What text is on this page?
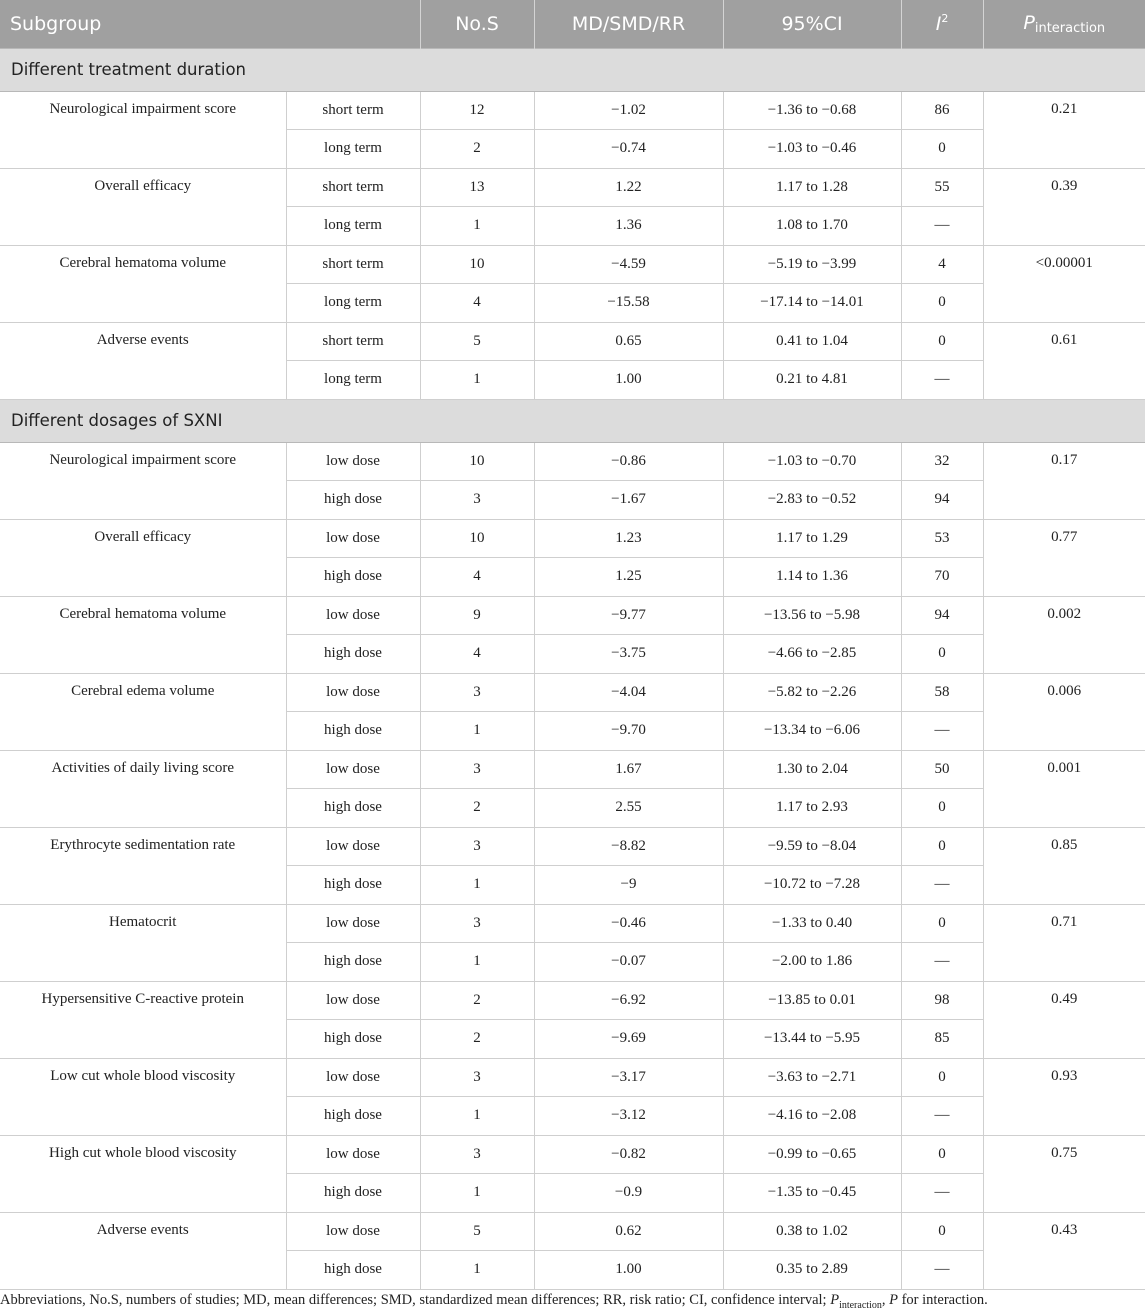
Subgroup		No.S	MD/SMD/RR	95%CI	$I^2$	$P_{interaction}$
Different treatment duration						
Neurological impairment score	short term	12	−1.02	−1.36 to −0.68	86	0.21
	long term	2	−0.74	−1.03 to −0.46	0	
Overall efficacy	short term	13	1.22	1.17 to 1.28	55	0.39
	long term	1	1.36	1.08 to 1.70	—	
Cerebral hematoma volume	short term	10	−4.59	−5.19 to −3.99	4	<0.00001
	long term	4	−15.58	−17.14 to −14.01	0	
Adverse events	short term	5	0.65	0.41 to 1.04	0	0.61
	long term	1	1.00	0.21 to 4.81	—	
Different dosages of SXNI						
Neurological impairment score	low dose	10	−0.86	−1.03 to −0.70	32	0.17
	high dose	3	−1.67	−2.83 to −0.52	94	
Overall efficacy	low dose	10	1.23	1.17 to 1.29	53	0.77
	high dose	4	1.25	1.14 to 1.36	70	
Cerebral hematoma volume	low dose	9	−9.77	−13.56 to −5.98	94	0.002
	high dose	4	−3.75	−4.66 to −2.85	0	
Cerebral edema volume	low dose	3	−4.04	−5.82 to −2.26	58	0.006
	high dose	1	−9.70	−13.34 to −6.06	—	
Activities of daily living score	low dose	3	1.67	1.30 to 2.04	50	0.001
	high dose	2	2.55	1.17 to 2.93	0	
Erythrocyte sedimentation rate	low dose	3	−8.82	−9.59 to −8.04	0	0.85
	high dose	1	−9	−10.72 to −7.28	—	
Hematocrit	low dose	3	−0.46	−1.33 to 0.40	0	0.71
	high dose	1	−0.07	−2.00 to 1.86	—	
Hypersensitive C-reactive protein	low dose	2	−6.92	−13.85 to 0.01	98	0.49
	high dose	2	−9.69	−13.44 to −5.95	85	
Low cut whole blood viscosity	low dose	3	−3.17	−3.63 to −2.71	0	0.93
	high dose	1	−3.12	−4.16 to −2.08	—	
High cut whole blood viscosity	low dose	3	−0.82	−0.99 to −0.65	0	0.75
	high dose	1	−0.9	−1.35 to −0.45	—	
Adverse events	low dose	5	0.62	0.38 to 1.02	0	0.43
	high dose	1	1.00	0.35 to 2.89	—	
Abbreviations, No.S, numbers of studies; MD, mean differences; SMD, standardized mean differences; RR, risk ratio; CI, confidence interval; $P_{interaction}$, P for interaction.
